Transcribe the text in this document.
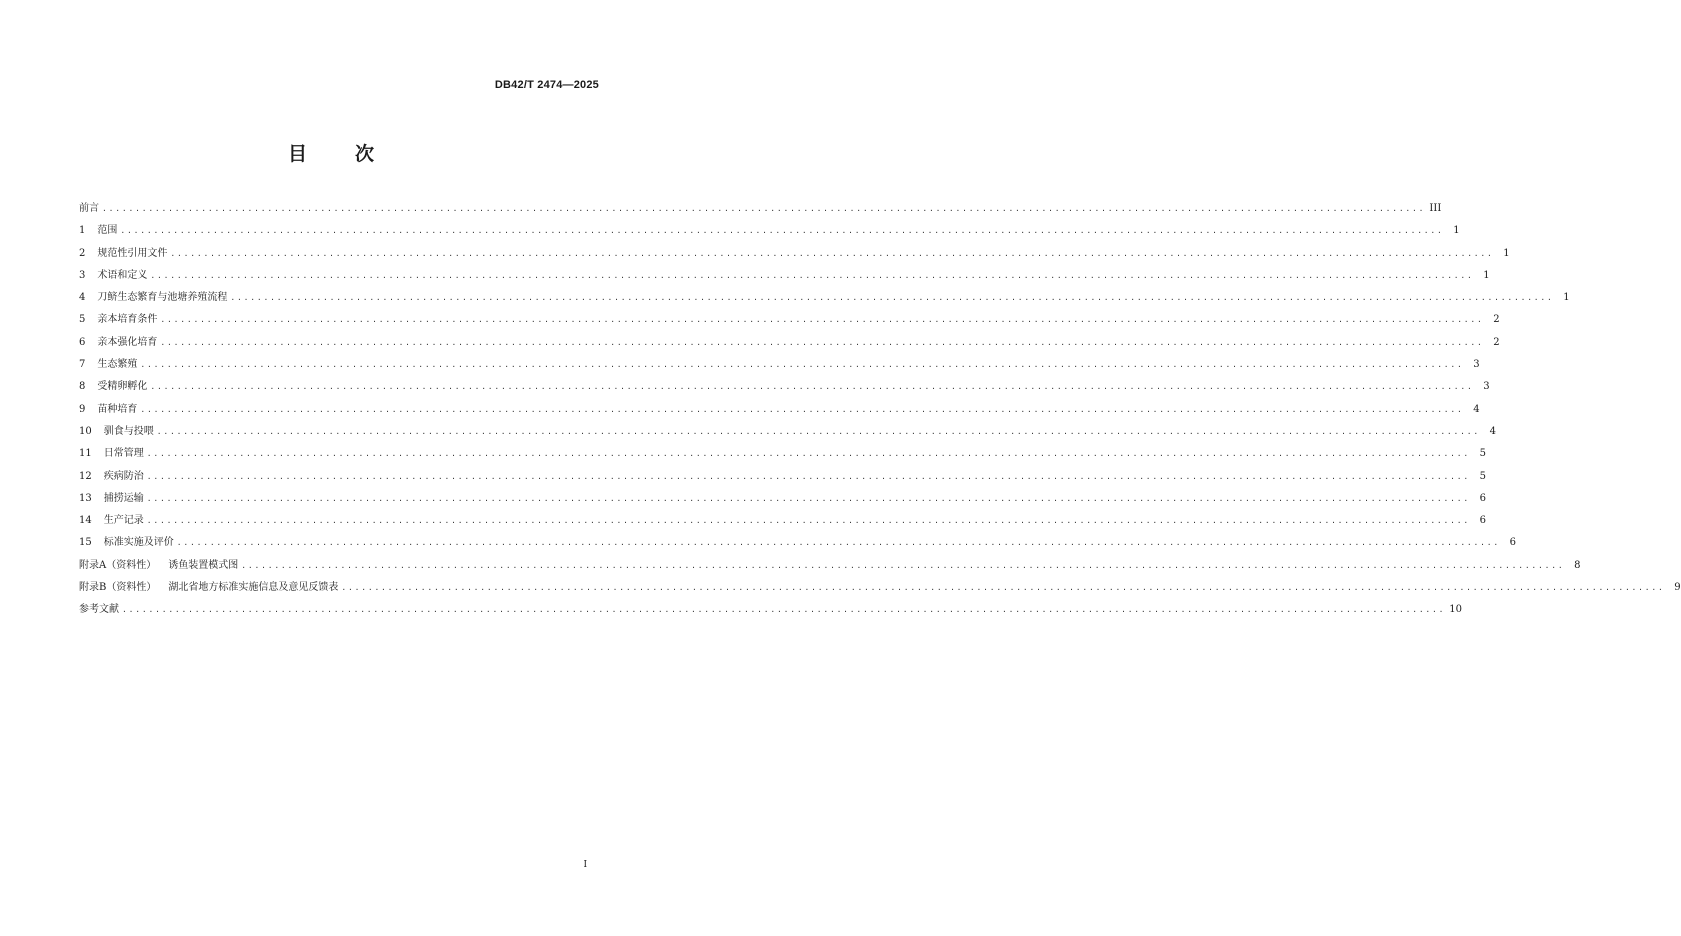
DB42/T 2474—2025
目	次
前言 ........................................................................................................................................................................................................ III
1 范围 ........................................................................................................................................................................................................ 1
2 规范性引用文件 ........................................................................................................................................................................................................ 1
3 术语和定义 ........................................................................................................................................................................................................ 1
4 刀鲚生态繁育与池塘养殖流程 ........................................................................................................................................................................................................ 1
5 亲本培育条件 ........................................................................................................................................................................................................ 2
6 亲本强化培育 ........................................................................................................................................................................................................ 2
7 生态繁殖 ........................................................................................................................................................................................................ 3
8 受精卵孵化 ........................................................................................................................................................................................................ 3
9 苗种培育 ........................................................................................................................................................................................................ 4
10 驯食与投喂 ........................................................................................................................................................................................................ 4
11 日常管理 ........................................................................................................................................................................................................ 5
12 疾病防治 ........................................................................................................................................................................................................ 5
13 捕捞运输 ........................................................................................................................................................................................................ 6
14 生产记录 ........................................................................................................................................................................................................ 6
15 标准实施及评价 ........................................................................................................................................................................................................ 6
附录A（资料性） 诱鱼装置模式图 ........................................................................................................................................................................................................ 8
附录B（资料性） 湖北省地方标准实施信息及意见反馈表 ........................................................................................................................................................................................................ 9
参考文献 ........................................................................................................................................................................................................ 10
I
